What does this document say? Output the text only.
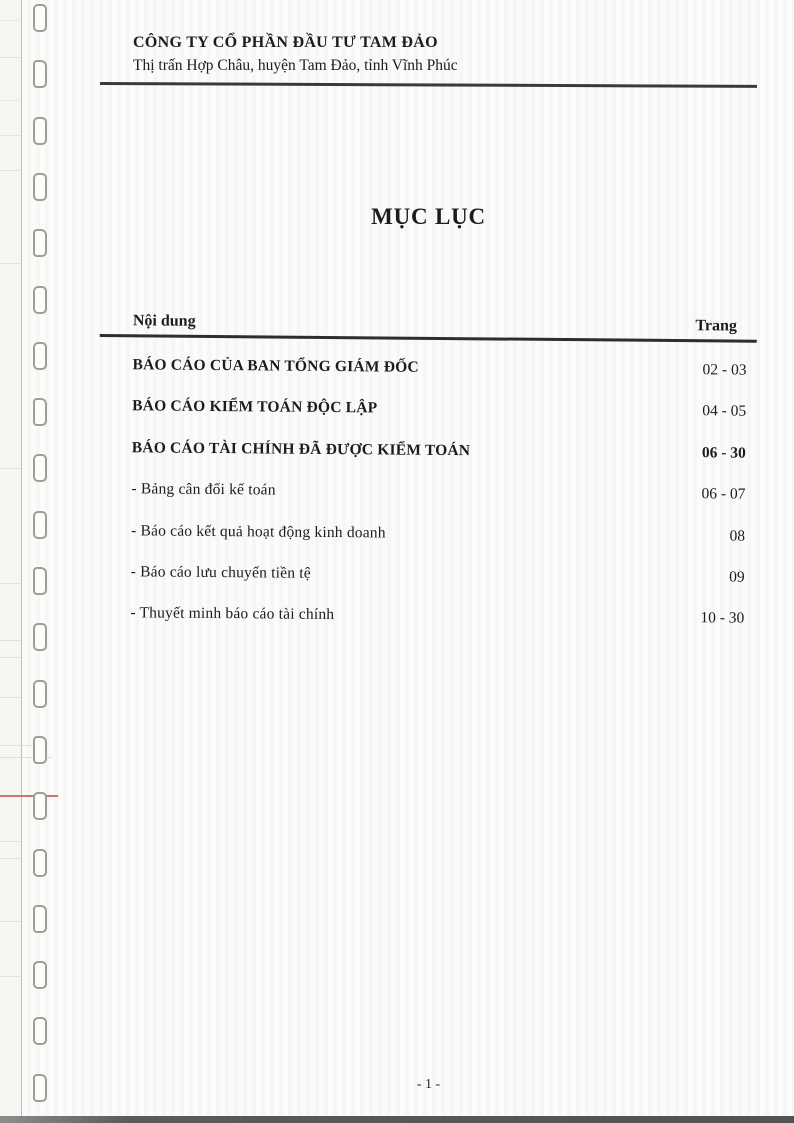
CÔNG TY CỔ PHẦN ĐẦU TƯ TAM ĐẢO
Thị trấn Hợp Châu, huyện Tam Đảo, tỉnh Vĩnh Phúc
MỤC LỤC
Nội dung	Trang
BÁO CÁO CỦA BAN TỔNG GIÁM ĐỐC	02 - 03
BÁO CÁO KIỂM TOÁN ĐỘC LẬP	04 - 05
BÁO CÁO TÀI CHÍNH ĐÃ ĐƯỢC KIỂM TOÁN	06 - 30
- Bảng cân đối kế toán	06 - 07
- Báo cáo kết quả hoạt động kinh doanh	08
- Báo cáo lưu chuyển tiền tệ	09
- Thuyết minh báo cáo tài chính	10 - 30
- 1 -
